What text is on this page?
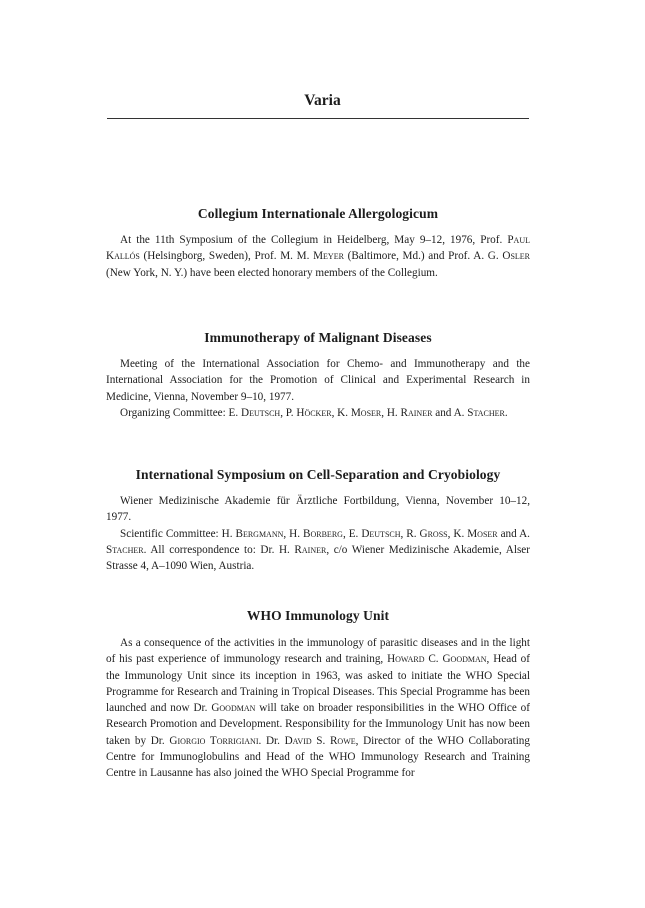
Varia
Collegium Internationale Allergologicum

At the 11th Symposium of the Collegium in Heidelberg, May 9–12, 1976, Prof. Paul Kallós (Helsingborg, Sweden), Prof. M. M. Meyer (Baltimore, Md.) and Prof. A. G. Osler (New York, N. Y.) have been elected honorary members of the Collegium.

Immunotherapy of Malignant Diseases

Meeting of the International Association for Chemo- and Immunotherapy and the International Association for the Promotion of Clinical and Experimental Research in Medicine, Vienna, November 9–10, 1977.

Organizing Committee: E. Deutsch, P. Höcker, K. Moser, H. Rainer and A. Stacher.

International Symposium on Cell-Separation and Cryobiology

Wiener Medizinische Akademie für Ärztliche Fortbildung, Vienna, November 10–12, 1977.

Scientific Committee: H. Bergmann, H. Borberg, E. Deutsch, R. Gross, K. Moser and A. Stacher. All correspondence to: Dr. H. Rainer, c/o Wiener Medizinische Akademie, Alser Strasse 4, A–1090 Wien, Austria.

WHO Immunology Unit

As a consequence of the activities in the immunology of parasitic diseases and in the light of his past experience of immunology research and training, Howard C. Goodman, Head of the Immunology Unit since its inception in 1963, was asked to initiate the WHO Special Programme for Research and Training in Tropical Diseases. This Special Programme has been launched and now Dr. Goodman will take on broader responsibilities in the WHO Office of Research Promotion and Development. Responsibility for the Immunology Unit has now been taken by Dr. Giorgio Torrigiani. Dr. David S. Rowe, Director of the WHO Collaborating Centre for Immunoglobulins and Head of the WHO Immunology Research and Training Centre in Lausanne has also joined the WHO Special Programme for
